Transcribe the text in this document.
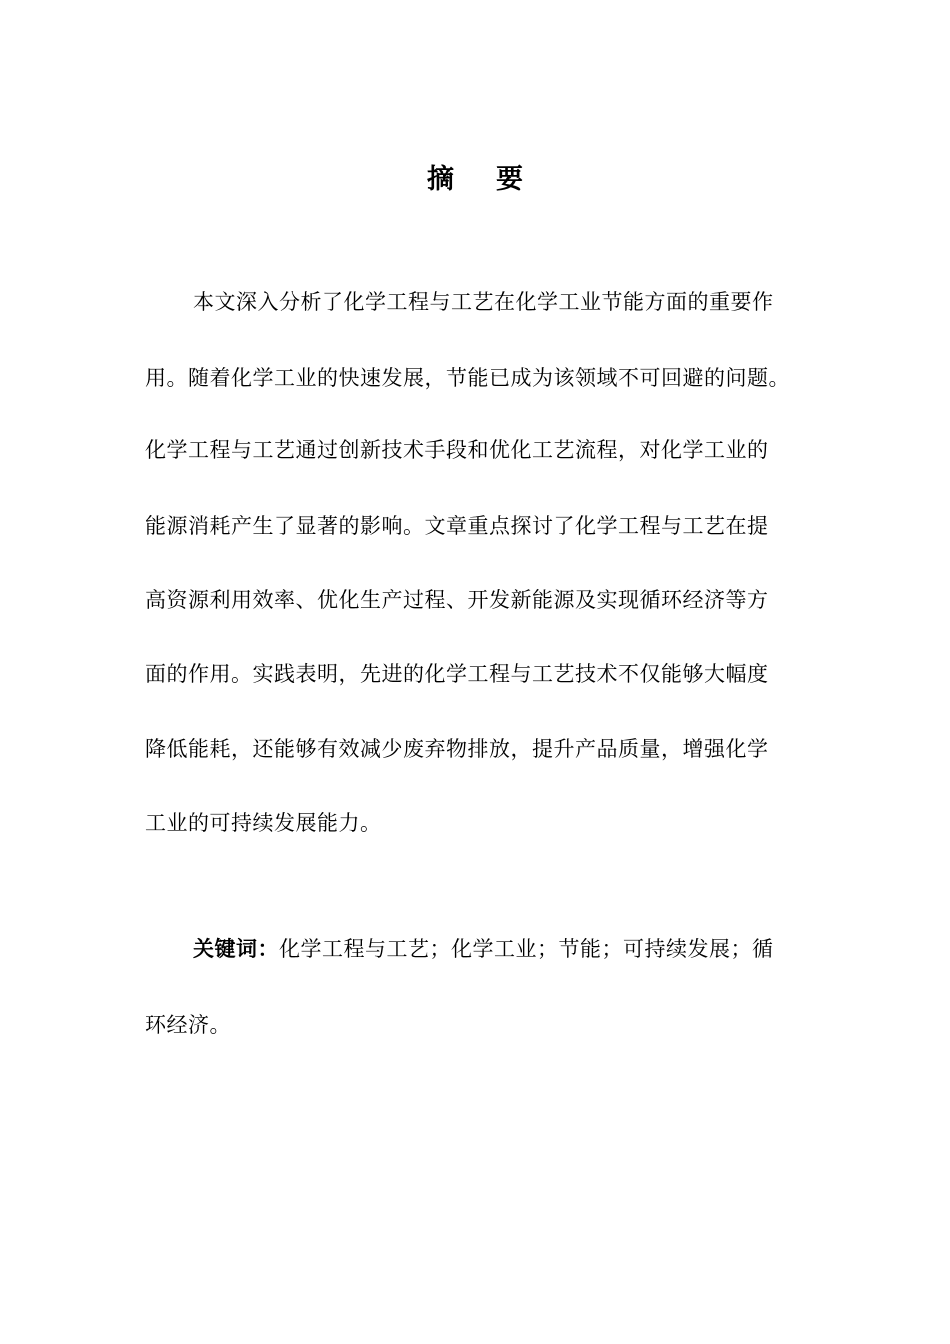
摘 要
本文深入分析了化学工程与工艺在化学工业节能方面的重要作
用。随着化学工业的快速发展，节能已成为该领域不可回避的问题。
化学工程与工艺通过创新技术手段和优化工艺流程，对化学工业的
能源消耗产生了显著的影响。文章重点探讨了化学工程与工艺在提
高资源利用效率、优化生产过程、开发新能源及实现循环经济等方
面的作用。实践表明，先进的化学工程与工艺技术不仅能够大幅度
降低能耗，还能够有效减少废弃物排放，提升产品质量，增强化学
工业的可持续发展能力。
关键词：化学工程与工艺；化学工业；节能；可持续发展；循
环经济。
